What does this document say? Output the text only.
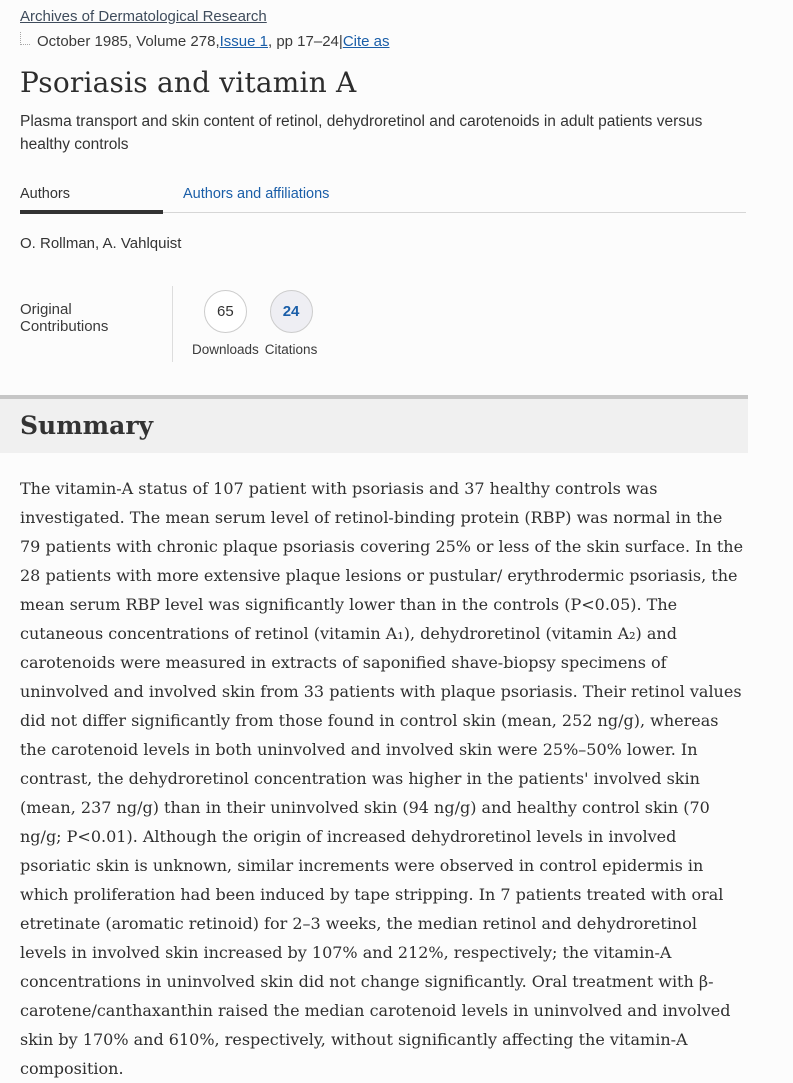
Archives of Dermatological Research
October 1985, Volume 278, Issue 1 , pp 17–24 | Cite as
Psoriasis and vitamin A
Plasma transport and skin content of retinol, dehydroretinol and carotenoids in adult patients versus healthy controls
Authors	Authors and affiliations
O. Rollman, A. Vahlquist
Original Contributions
65
Downloads
24
Citations
Summary

The vitamin-A status of 107 patient with psoriasis and 37 healthy controls was investigated. The mean serum level of retinol-binding protein (RBP) was normal in the 79 patients with chronic plaque psoriasis covering 25% or less of the skin surface. In the 28 patients with more extensive plaque lesions or pustular/ erythrodermic psoriasis, the mean serum RBP level was significantly lower than in the controls (P<0.05). The cutaneous concentrations of retinol (vitamin A₁), dehydroretinol (vitamin A₂) and carotenoids were measured in extracts of saponified shave-biopsy specimens of uninvolved and involved skin from 33 patients with plaque psoriasis. Their retinol values did not differ significantly from those found in control skin (mean, 252 ng/g), whereas the carotenoid levels in both uninvolved and involved skin were 25%–50% lower. In contrast, the dehydroretinol concentration was higher in the patients' involved skin (mean, 237 ng/g) than in their uninvolved skin (94 ng/g) and healthy control skin (70 ng/g; P<0.01). Although the origin of increased dehydroretinol levels in involved psoriatic skin is unknown, similar increments were observed in control epidermis in which proliferation had been induced by tape stripping. In 7 patients treated with oral etretinate (aromatic retinoid) for 2–3 weeks, the median retinol and dehydroretinol levels in involved skin increased by 107% and 212%, respectively; the vitamin-A concentrations in uninvolved skin did not change significantly. Oral treatment with β-carotene/canthaxanthin raised the median carotenoid levels in uninvolved and involved skin by 170% and 610%, respectively, without significantly affecting the vitamin-A composition.
